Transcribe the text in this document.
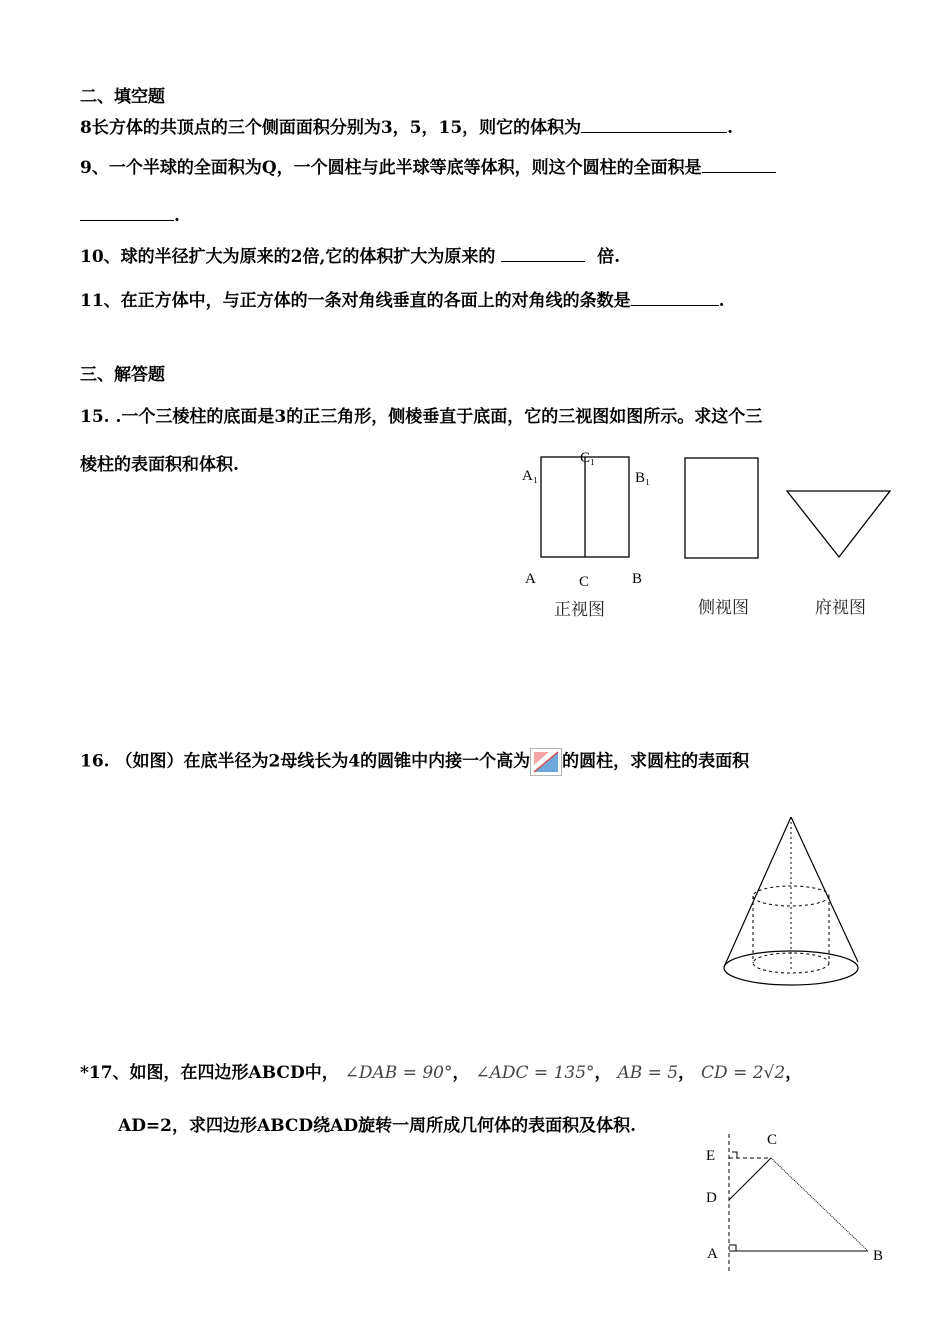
二、填空题
8长方体的共顶点的三个侧面面积分别为3，5，15，则它的体积为	.
9、一个半球的全面积为Q，一个圆柱与此半球等底等体积，则这个圆柱的全面积是
.
10、球的半径扩大为原来的2倍,它的体积扩大为原来的	倍.
11、在正方体中，与正方体的一条对角线垂直的各面上的对角线的条数是	.
三、解答题
15. .一个三棱柱的底面是3的正三角形，侧棱垂直于底面，它的三视图如图所示。求这个三
棱柱的表面积和体积.
A₁
C₁
B₁
A	C	B
正视图	侧视图	府视图
16. （如图）在底半径为2母线长为4的圆锥中内接一个高为 的圆柱，求圆柱的表面积
*17、如图，在四边形ABCD中， ∠DAB = 90°， ∠ADC = 135°， AB = 5， CD = 2√2，
AD=2，求四边形ABCD绕AD旋转一周所成几何体的表面积及体积.
E
C
D
A	B
